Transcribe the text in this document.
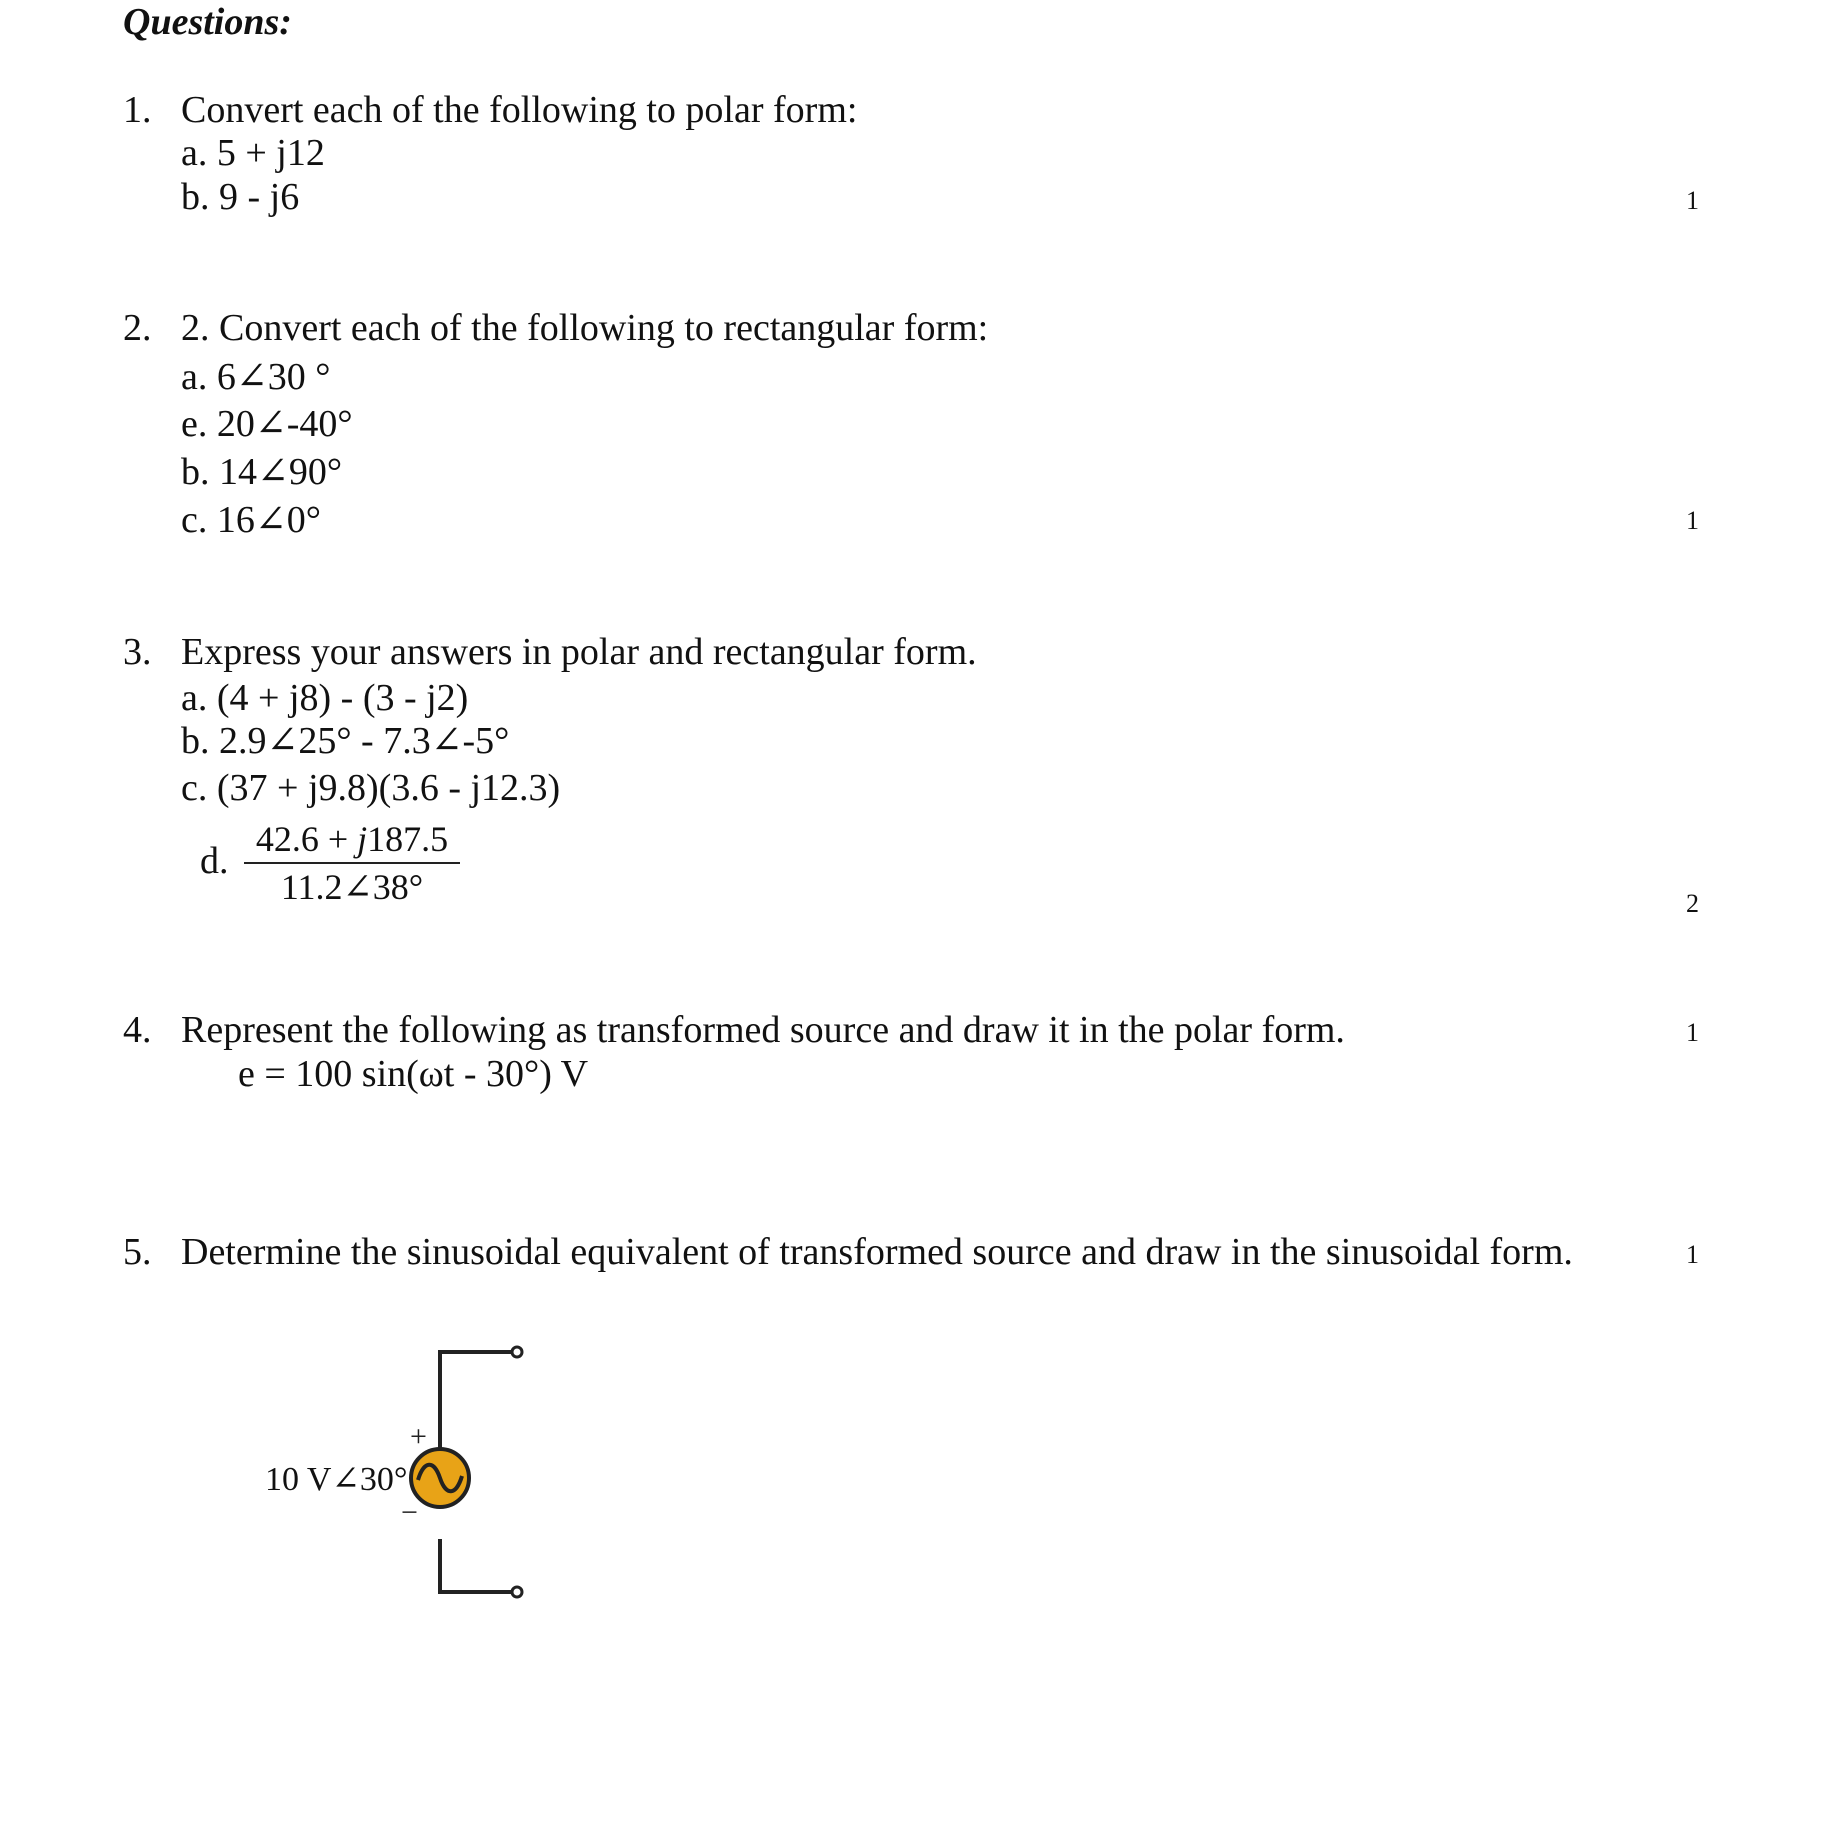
Questions:
1. Convert each of the following to polar form:
a. 5 + j12
b. 9 - j6	1
2. 2. Convert each of the following to rectangular form:
a. 6∠30 °
e. 20∠-40°
b. 14∠90°
c. 16∠0°	1
3. Express your answers in polar and rectangular form.
a. (4 + j8) - (3 - j2)
b. 2.9∠25° - 7.3∠-5°
c. (37 + j9.8)(3.6 - j12.3)
d. $\frac{42.6 + j187.5}{11.2\angle 38^\circ}$	2
4. Represent the following as transformed source and draw it in the polar form.
e = 100 sin(ωt - 30°) V
1
5. Determine the sinusoidal equivalent of transformed source and draw in the sinusoidal form.	1
10 V∠30°
+
−
